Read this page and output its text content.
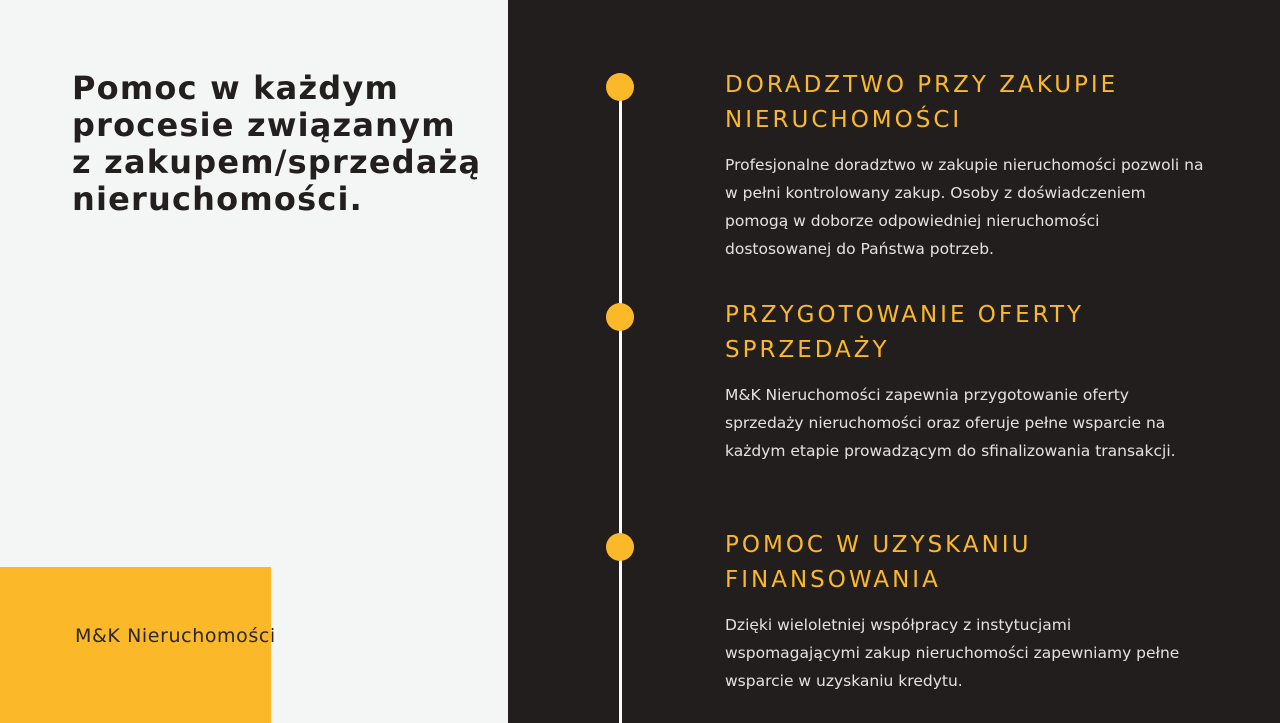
Pomoc w każdym procesie związanym z zakupem/sprzedażą nieruchomości.
M&K Nieruchomości
DORADZTWO PRZY ZAKUPIE NIERUCHOMOŚCI

Profesjonalne doradztwo w zakupie nieruchomości pozwoli na w pełni kontrolowany zakup. Osoby z doświadczeniem pomogą w doborze odpowiedniej nieruchomości dostosowanej do Państwa potrzeb.

PRZYGOTOWANIE OFERTY SPRZEDAŻY

M&K Nieruchomości zapewnia przygotowanie oferty sprzedaży nieruchomości oraz oferuje pełne wsparcie na każdym etapie prowadzącym do sfinalizowania transakcji.

POMOC W UZYSKANIU FINANSOWANIA

Dzięki wieloletniej współpracy z instytucjami wspomagającymi zakup nieruchomości zapewniamy pełne wsparcie w uzyskaniu kredytu.
